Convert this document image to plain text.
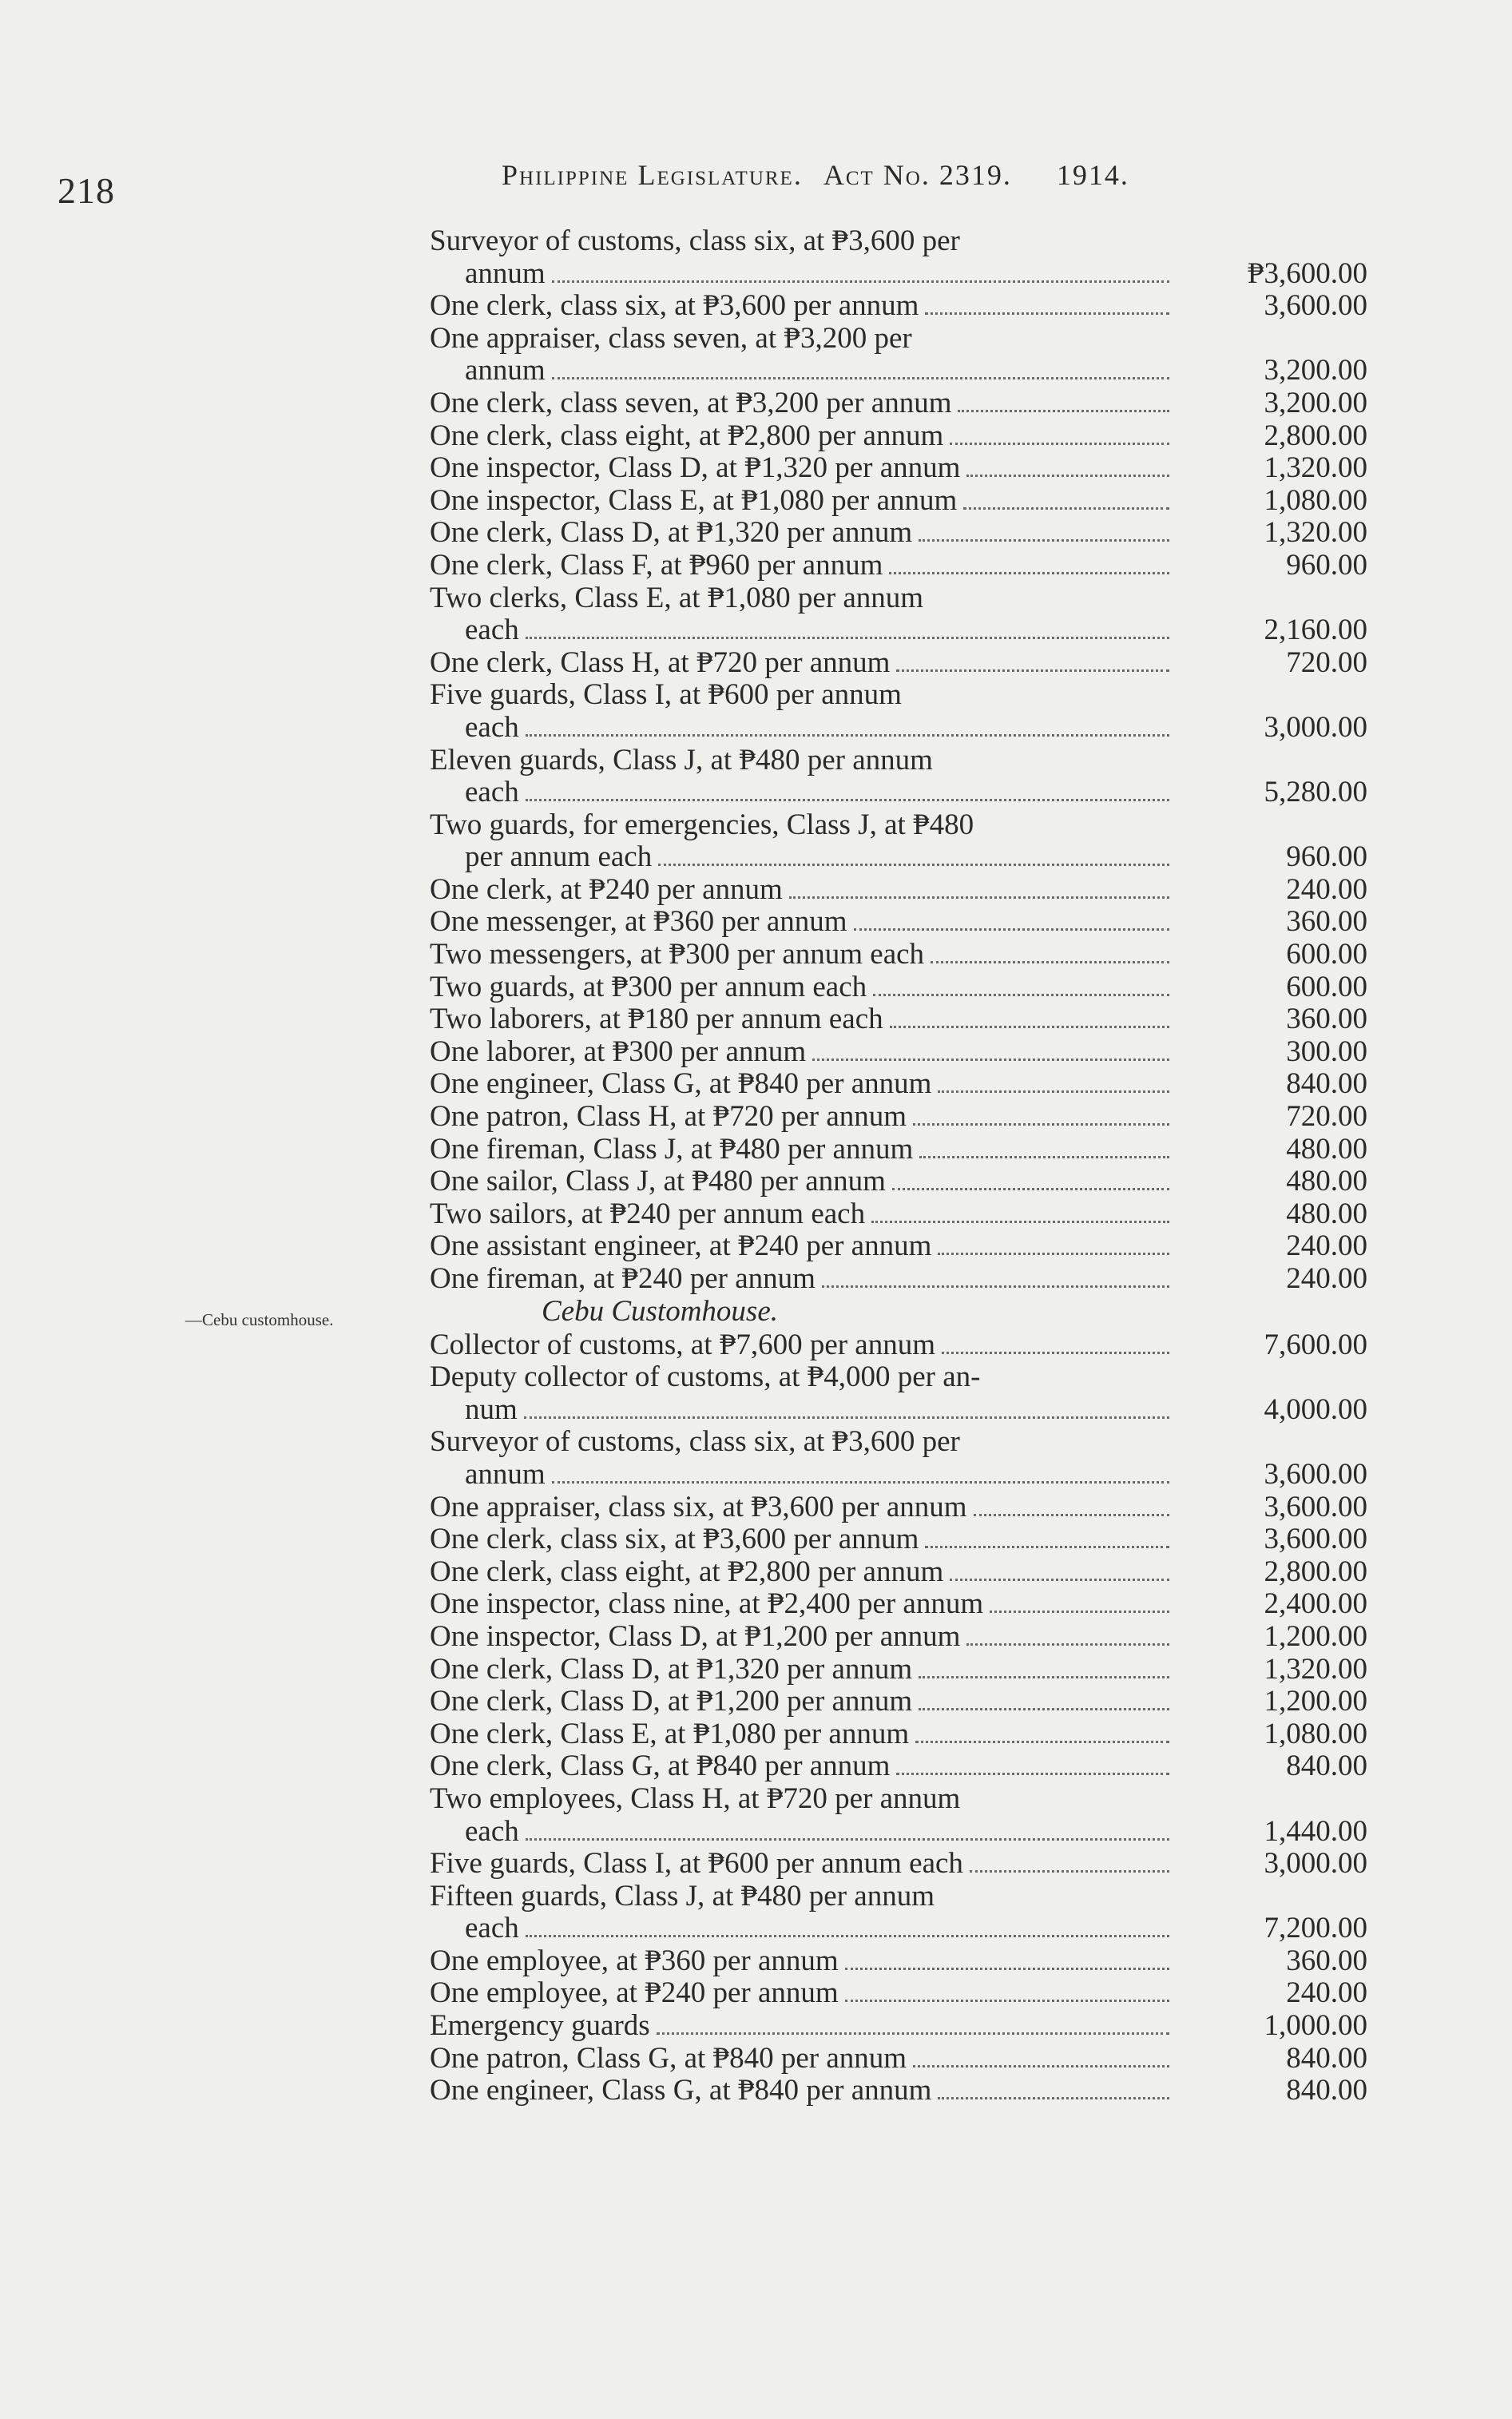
218	Philippine Legislature. Act No. 2319. 1914.
Surveyor of customs, class six, at ₱3,600 per
annum	₱3,600.00
One clerk, class six, at ₱3,600 per annum	3,600.00
One appraiser, class seven, at ₱3,200 per
annum	3,200.00
One clerk, class seven, at ₱3,200 per annum	3,200.00
One clerk, class eight, at ₱2,800 per annum	2,800.00
One inspector, Class D, at ₱1,320 per annum	1,320.00
One inspector, Class E, at ₱1,080 per annum	1,080.00
One clerk, Class D, at ₱1,320 per annum	1,320.00
One clerk, Class F, at ₱960 per annum	960.00
Two clerks, Class E, at ₱1,080 per annum
each	2,160.00
One clerk, Class H, at ₱720 per annum	720.00
Five guards, Class I, at ₱600 per annum
each	3,000.00
Eleven guards, Class J, at ₱480 per annum
each	5,280.00
Two guards, for emergencies, Class J, at ₱480
per annum each	960.00
One clerk, at ₱240 per annum	240.00
One messenger, at ₱360 per annum	360.00
Two messengers, at ₱300 per annum each	600.00
Two guards, at ₱300 per annum each	600.00
Two laborers, at ₱180 per annum each	360.00
One laborer, at ₱300 per annum	300.00
One engineer, Class G, at ₱840 per annum	840.00
One patron, Class H, at ₱720 per annum	720.00
One fireman, Class J, at ₱480 per annum	480.00
One sailor, Class J, at ₱480 per annum	480.00
Two sailors, at ₱240 per annum each	480.00
One assistant engineer, at ₱240 per annum	240.00
One fireman, at ₱240 per annum	240.00
Cebu Customhouse.
—Cebu customhouse.
Collector of customs, at ₱7,600 per annum	7,600.00
Deputy collector of customs, at ₱4,000 per an-
num	4,000.00
Surveyor of customs, class six, at ₱3,600 per
annum	3,600.00
One appraiser, class six, at ₱3,600 per annum	3,600.00
One clerk, class six, at ₱3,600 per annum	3,600.00
One clerk, class eight, at ₱2,800 per annum	2,800.00
One inspector, class nine, at ₱2,400 per annum	2,400.00
One inspector, Class D, at ₱1,200 per annum	1,200.00
One clerk, Class D, at ₱1,320 per annum	1,320.00
One clerk, Class D, at ₱1,200 per annum	1,200.00
One clerk, Class E, at ₱1,080 per annum	1,080.00
One clerk, Class G, at ₱840 per annum	840.00
Two employees, Class H, at ₱720 per annum
each	1,440.00
Five guards, Class I, at ₱600 per annum each	3,000.00
Fifteen guards, Class J, at ₱480 per annum
each	7,200.00
One employee, at ₱360 per annum	360.00
One employee, at ₱240 per annum	240.00
Emergency guards	1,000.00
One patron, Class G, at ₱840 per annum	840.00
One engineer, Class G, at ₱840 per annum	840.00
